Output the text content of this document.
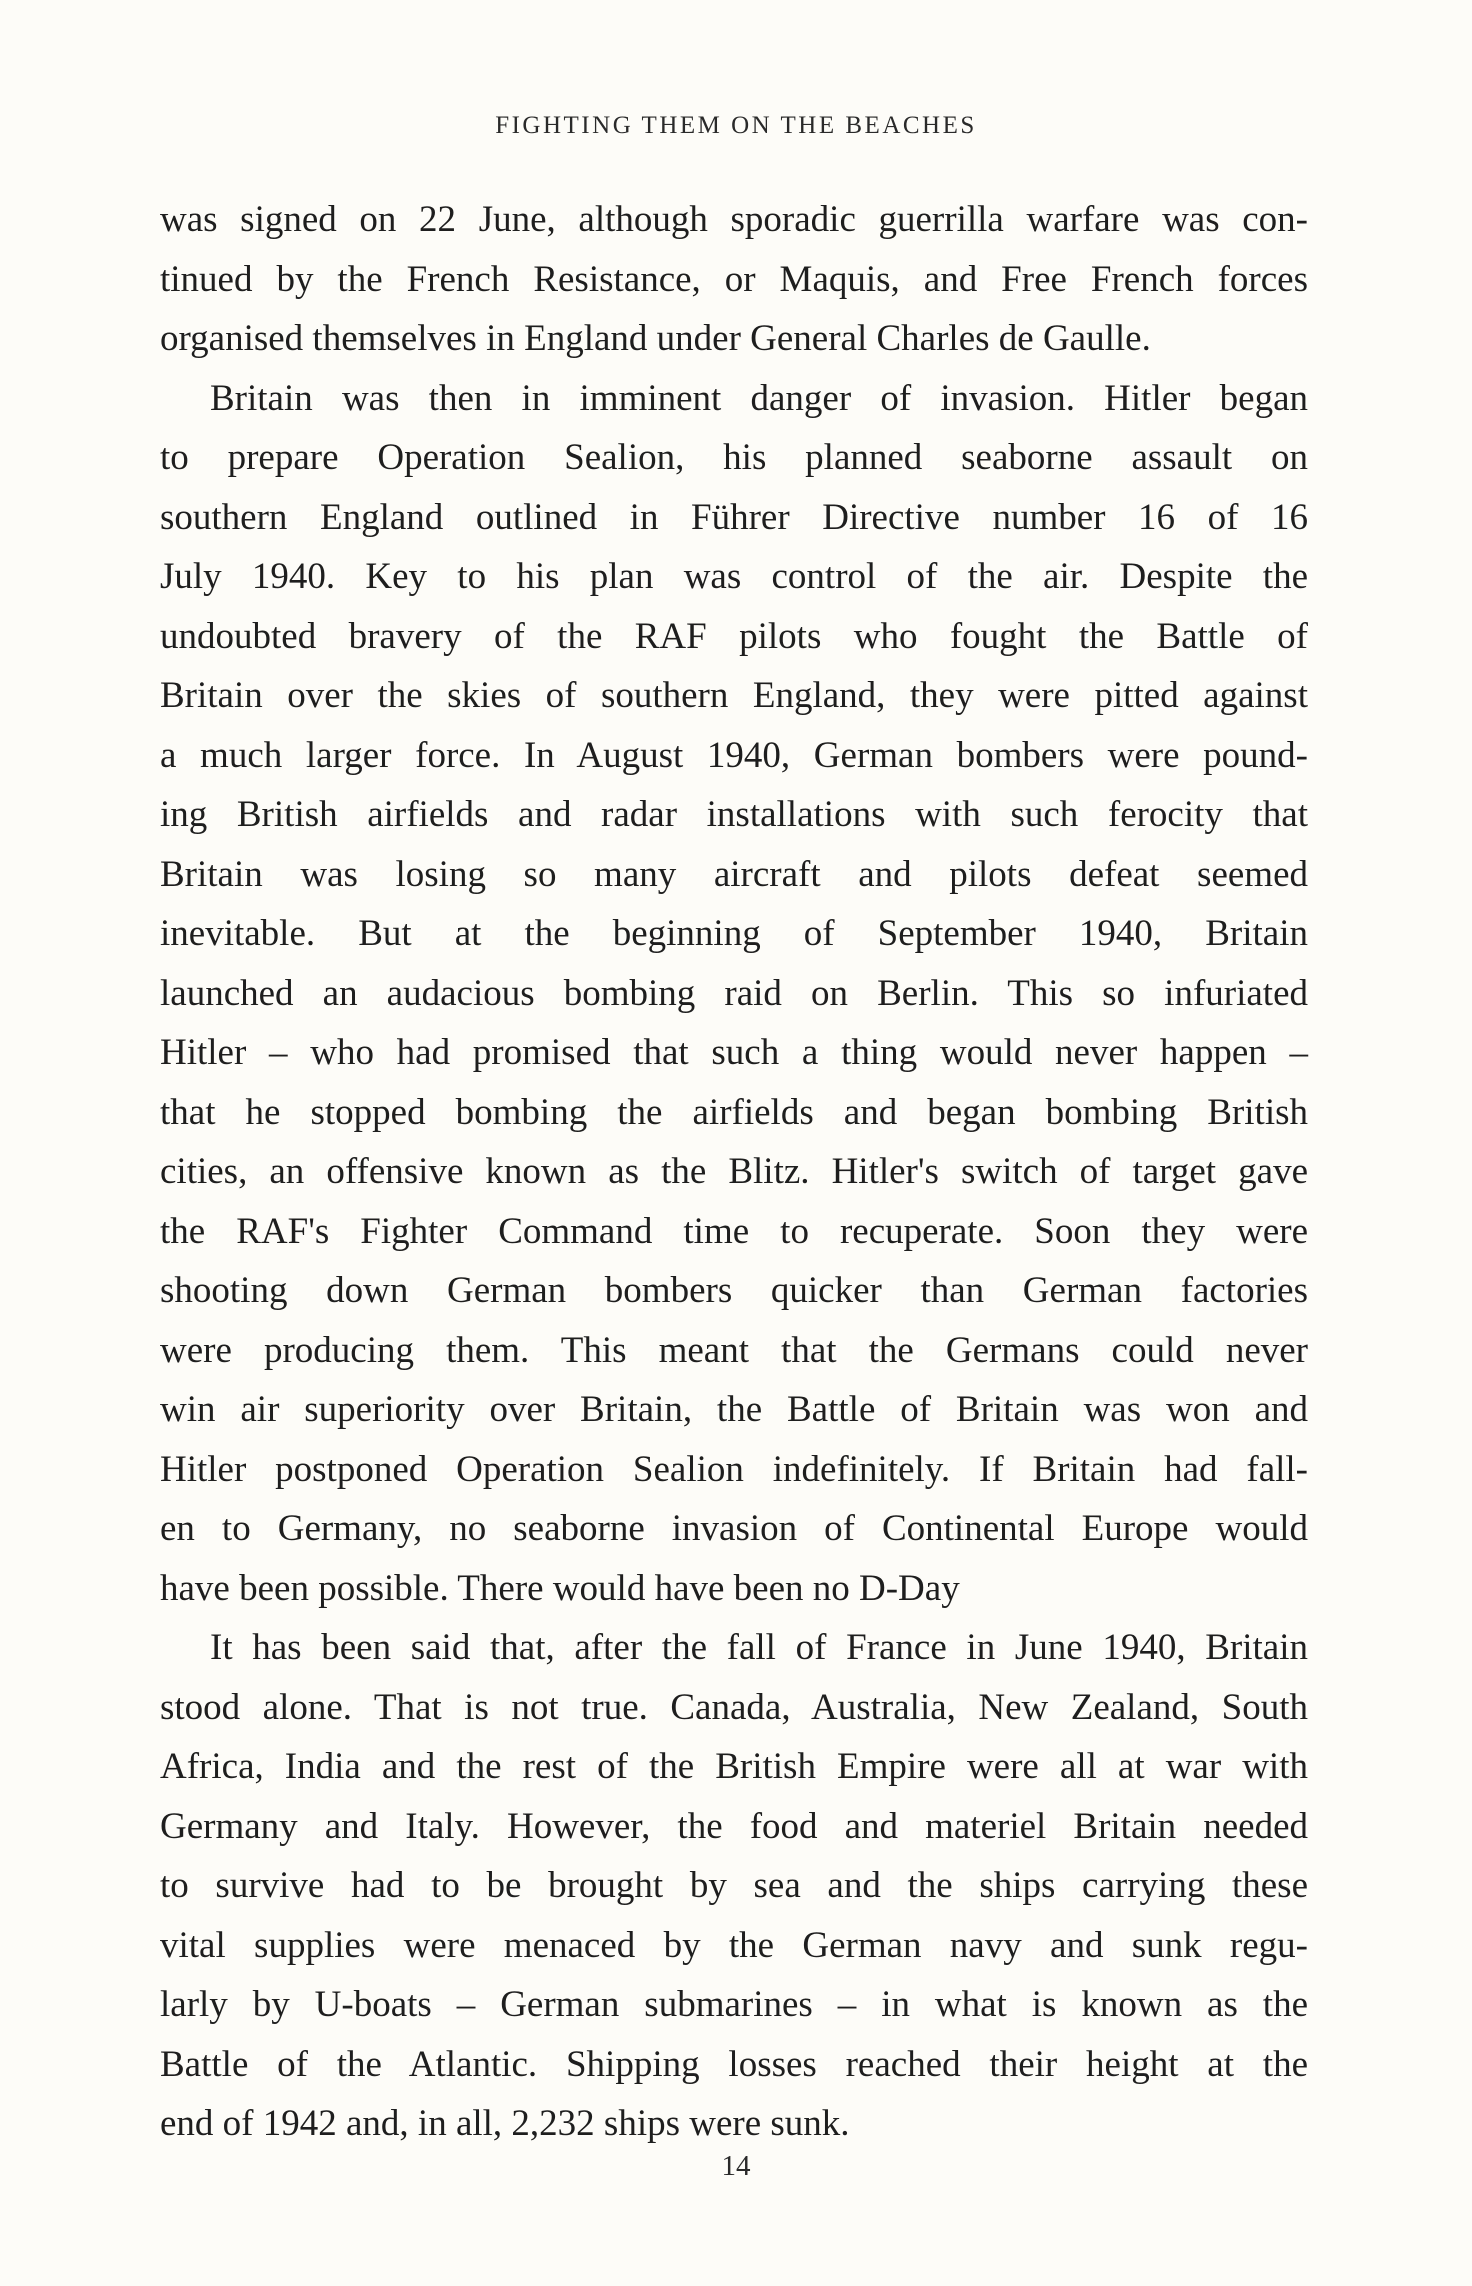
FIGHTING THEM ON THE BEACHES
was signed on 22 June, although sporadic guerrilla warfare was con-
tinued by the French Resistance, or Maquis, and Free French forces
organised themselves in England under General Charles de Gaulle.
Britain was then in imminent danger of invasion. Hitler began
to prepare Operation Sealion, his planned seaborne assault on
southern England outlined in Führer Directive number 16 of 16
July 1940. Key to his plan was control of the air. Despite the
undoubted bravery of the RAF pilots who fought the Battle of
Britain over the skies of southern England, they were pitted against
a much larger force. In August 1940, German bombers were pound-
ing British airfields and radar installations with such ferocity that
Britain was losing so many aircraft and pilots defeat seemed
inevitable. But at the beginning of September 1940, Britain
launched an audacious bombing raid on Berlin. This so infuriated
Hitler – who had promised that such a thing would never happen –
that he stopped bombing the airfields and began bombing British
cities, an offensive known as the Blitz. Hitler's switch of target gave
the RAF's Fighter Command time to recuperate. Soon they were
shooting down German bombers quicker than German factories
were producing them. This meant that the Germans could never
win air superiority over Britain, the Battle of Britain was won and
Hitler postponed Operation Sealion indefinitely. If Britain had fall-
en to Germany, no seaborne invasion of Continental Europe would
have been possible. There would have been no D-Day
It has been said that, after the fall of France in June 1940, Britain
stood alone. That is not true. Canada, Australia, New Zealand, South
Africa, India and the rest of the British Empire were all at war with
Germany and Italy. However, the food and materiel Britain needed
to survive had to be brought by sea and the ships carrying these
vital supplies were menaced by the German navy and sunk regu-
larly by U-boats – German submarines – in what is known as the
Battle of the Atlantic. Shipping losses reached their height at the
end of 1942 and, in all, 2,232 ships were sunk.
14
